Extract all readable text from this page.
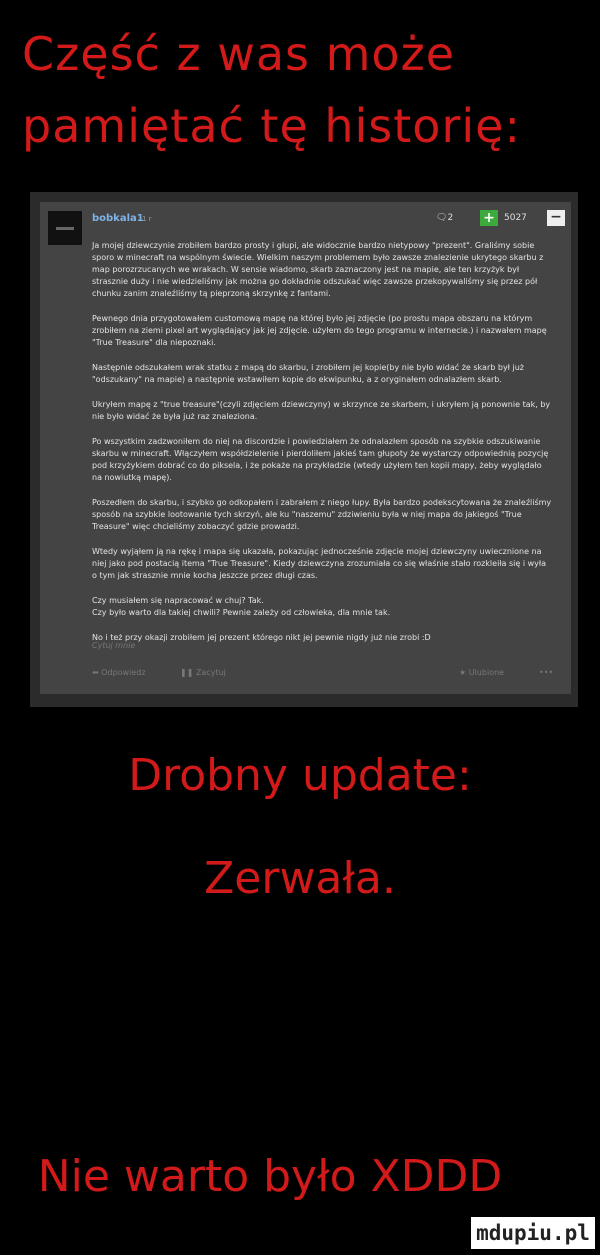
Część z was może
pamiętać tę historię:
bobkala1
1 r	🗨2 +	5027 −

Ja mojej dziewczynie zrobiłem bardzo prosty i głupi, ale widocznie bardzo nietypowy "prezent". Graliśmy sobie sporo w minecraft na wspólnym świecie. Wielkim naszym problemem było zawsze znalezienie ukrytego skarbu z map porozrzucanych we wrakach. W sensie wiadomo, skarb zaznaczony jest na mapie, ale ten krzyżyk był strasznie duży i nie wiedzieliśmy jak można go dokładnie odszukać więc zawsze przekopywaliśmy się przez pół chunku zanim znaleźliśmy tą pieprzoną skrzynkę z fantami.

Pewnego dnia przygotowałem customową mapę na której było jej zdjęcie (po prostu mapa obszaru na którym zrobiłem na ziemi pixel art wyglądający jak jej zdjęcie. użyłem do tego programu w internecie.) i nazwałem mapę "True Treasure" dla niepoznaki.

Następnie odszukałem wrak statku z mapą do skarbu, i zrobiłem jej kopie(by nie było widać że skarb był już "odszukany" na mapie) a następnie wstawiłem kopie do ekwipunku, a z oryginałem odnalazłem skarb.

Ukryłem mapę z "true treasure"(czyli zdjęciem dziewczyny) w skrzynce ze skarbem, i ukryłem ją ponownie tak, by nie było widać że była już raz znaleziona.

Po wszystkim zadzwoniłem do niej na discordzie i powiedziałem że odnalazłem sposób na szybkie odszukiwanie skarbu w minecraft. Włączyłem współdzielenie i pierdoliłem jakieś tam głupoty że wystarczy odpowiednią pozycję pod krzyżykiem dobrać co do piksela, i że pokaże na przykładzie (wtedy użyłem ten kopii mapy, żeby wyglądało na nowiutką mapę).

Poszedłem do skarbu, i szybko go odkopałem i zabrałem z niego łupy. Była bardzo podekscytowana że znaleźliśmy sposób na szybkie lootowanie tych skrzyń, ale ku "naszemu" zdziwieniu była w niej mapa do jakiegoś "True Treasure" więc chcieliśmy zobaczyć gdzie prowadzi.

Wtedy wyjąłem ją na rękę i mapa się ukazała, pokazując jednocześnie zdjęcie mojej dziewczyny uwiecznione na niej jako pod postacią itema "True Treasure". Kiedy dziewczyna zrozumiała co się właśnie stało rozkleiła się i wyła o tym jak strasznie mnie kocha jeszcze przez długi czas.

Czy musiałem się napracować w chuj? Tak.
Czy było warto dla takiej chwili? Pewnie zależy od człowieka, dla mnie tak.

No i też przy okazji zrobiłem jej prezent którego nikt jej pewnie nigdy już nie zrobi :D

Cytuj mnie
⬅ Odpowiedz	❚❚ Zacytuj	★ Ulubione	•••
Drobny update:
Zerwała.
Nie warto było XDDD
mdupiu.pl
